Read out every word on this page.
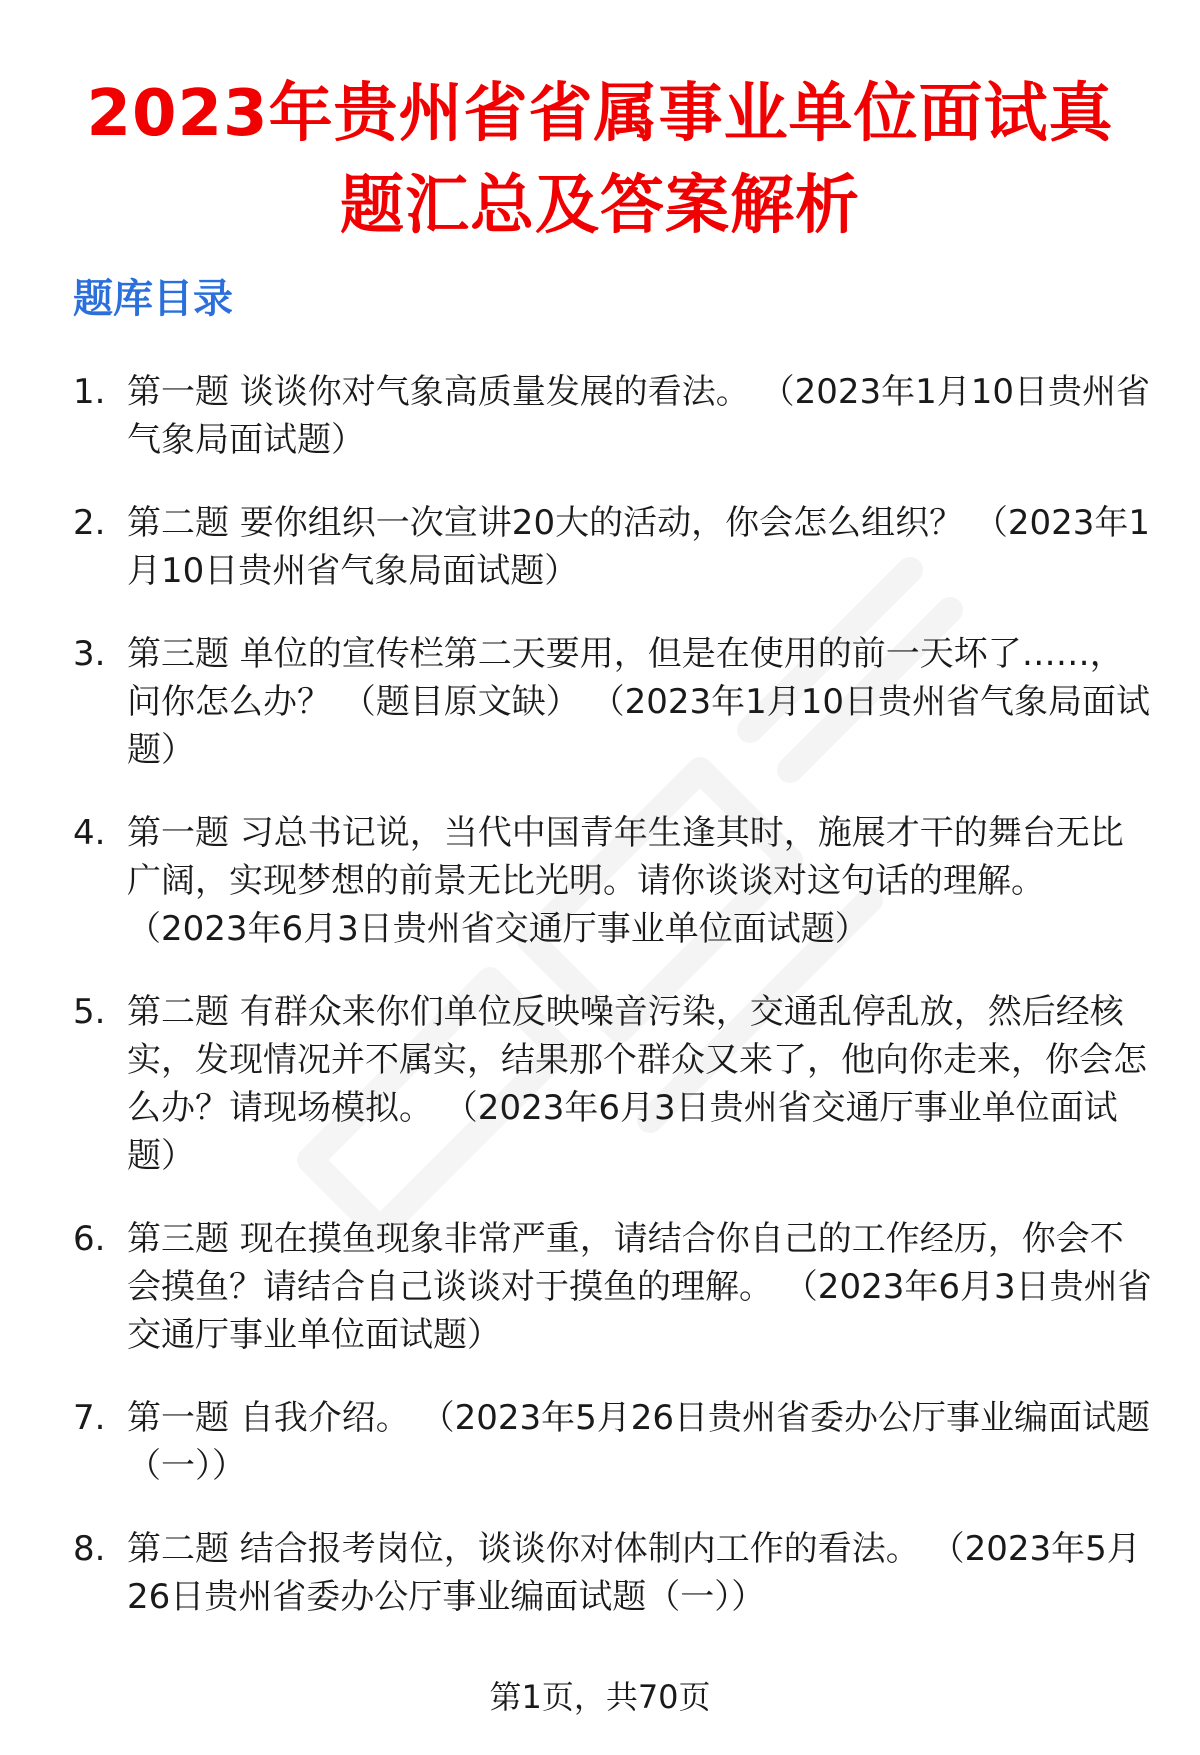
2023年贵州省省属事业单位面试真题汇总及答案解析
题库目录
1. 第一题 谈谈你对气象高质量发展的看法。 （2023年1月10日贵州省气象局面试题）
2. 第二题 要你组织一次宣讲20大的活动，你会怎么组织？ （2023年1月10日贵州省气象局面试题）
3. 第三题 单位的宣传栏第二天要用，但是在使用的前一天坏了……，问你怎么办？ （题目原文缺） （2023年1月10日贵州省气象局面试题）
4. 第一题 习总书记说，当代中国青年生逢其时，施展才干的舞台无比广阔，实现梦想的前景无比光明。请你谈谈对这句话的理解。 （2023年6月3日贵州省交通厅事业单位面试题）
5. 第二题 有群众来你们单位反映噪音污染，交通乱停乱放，然后经核实，发现情况并不属实，结果那个群众又来了，他向你走来，你会怎么办？请现场模拟。 （2023年6月3日贵州省交通厅事业单位面试题）
6. 第三题 现在摸鱼现象非常严重，请结合你自己的工作经历，你会不会摸鱼？请结合自己谈谈对于摸鱼的理解。 （2023年6月3日贵州省交通厅事业单位面试题）
7. 第一题 自我介绍。 （2023年5月26日贵州省委办公厅事业编面试题（一））
8. 第二题 结合报考岗位，谈谈你对体制内工作的看法。 （2023年5月26日贵州省委办公厅事业编面试题（一））
第1页，共70页
